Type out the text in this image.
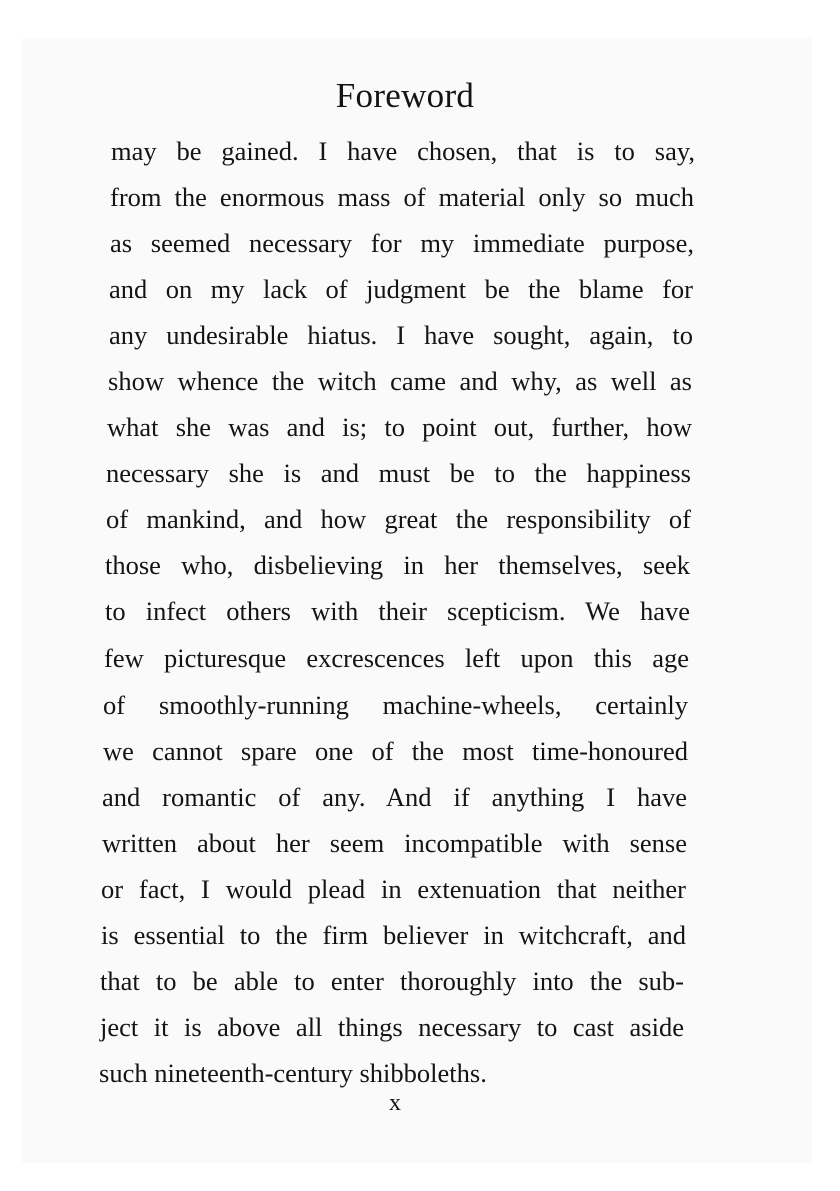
Foreword
may be gained. I have chosen, that is to say,
from the enormous mass of material only so much
as seemed necessary for my immediate purpose,
and on my lack of judgment be the blame for
any undesirable hiatus. I have sought, again, to
show whence the witch came and why, as well as
what she was and is; to point out, further, how
necessary she is and must be to the happiness
of mankind, and how great the responsibility of
those who, disbelieving in her themselves, seek
to infect others with their scepticism. We have
few picturesque excrescences left upon this age
of smoothly-running machine-wheels, certainly
we cannot spare one of the most time-honoured
and romantic of any. And if anything I have
written about her seem incompatible with sense
or fact, I would plead in extenuation that neither
is essential to the firm believer in witchcraft, and
that to be able to enter thoroughly into the sub-
ject it is above all things necessary to cast aside
such nineteenth-century shibboleths.
x
